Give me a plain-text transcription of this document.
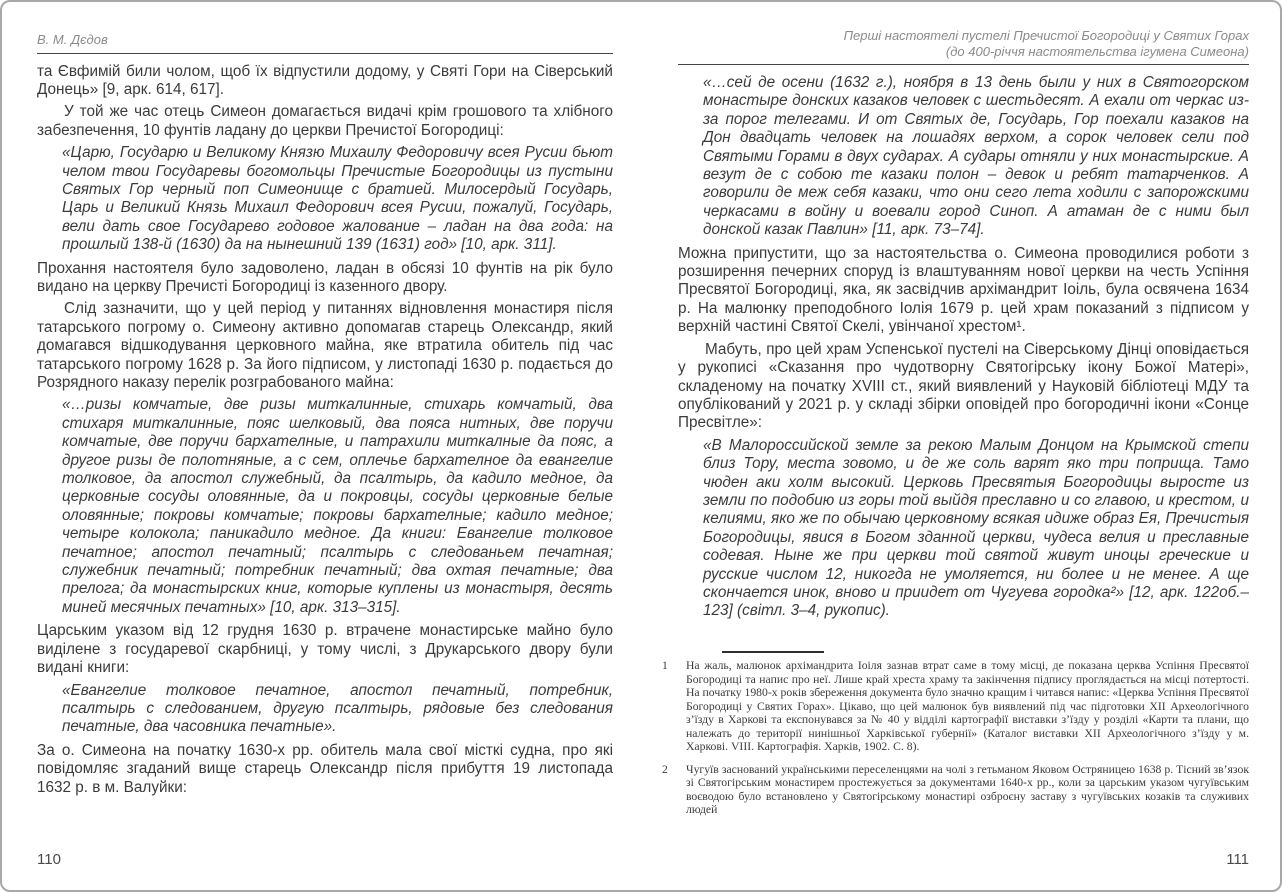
В. М. Дєдов

та Євфимій били чолом, щоб їх відпустили додому, у Святі Гори на Сіверський Донець» [9, арк. 614, 617].

У той же час отець Симеон домагається видачі крім грошового та хлібного забезпечення, 10 фунтів ладану до церкви Пречистої Богородиці:

«Царю, Государю и Великому Князю Михаилу Федоровичу всея Русии бьют челом твои Государевы богомольцы Пречистые Богородицы из пустыни Святых Гор черный поп Симеонище с братией. Милосердый Государь, Царь и Великий Князь Михаил Федорович всея Русии, пожалуй, Государь, вели дать свое Государево годовое жалование – ладан на два года: на прошлый 138-й (1630) да на нынешний 139 (1631) год» [10, арк. 311].

Прохання настоятеля було задоволено, ладан в обсязі 10 фунтів на рік було видано на церкву Пречисті Богородиці із казенного двору.

Слід зазначити, що у цей період у питаннях відновлення монастиря після татарського погрому о. Симеону активно допомагав старець Олександр, який домагався відшкодування церковного майна, яке втратила обитель під час татарського погрому 1628 р. За його підписом, у листопаді 1630 р. подається до Розрядного наказу перелік розграбованого майна:

«…ризы комчатые, две ризы миткалинные, стихарь комчатый, два стихаря миткалинные, пояс шелковый, два пояса нитных, две поручи комчатые, две поручи бархателные, и патрахили миткалные да пояс, а другое ризы де полотняные, а с сем, оплечье бархателное да евангелие толковое, да апостол служебный, да псалтырь, да кадило медное, да церковные сосуды оловянные, да и покровцы, сосуды церковные белые оловянные; покровы комчатые; покровы бархателные; кадило медное; четыре колокола; паникадило медное. Да книги: Евангелие толковое печатное; апостол печатный; псалтырь с следованьем печатная; служебник печатный; потребник печатный; два охтая печатные; два прелога; да монастырских книг, которые куплены из монастыря, десять миней месячных печатных» [10, арк. 313–315].

Царським указом від 12 грудня 1630 р. втрачене монастирське майно було виділене з государевої скарбниці, у тому числі, з Друкарського двору були видані книги:

«Евангелие толковое печатное, апостол печатный, потребник, псалтырь с следованием, другую псалтырь, рядовые без следования печатные, два часовника печатные».

За о. Симеона на початку 1630-х рр. обитель мала свої місткі судна, про які повідомляє згаданий вище старець Олександр після прибуття 19 листопада 1632 р. в м. Валуйки:

110
Перші настоятелі пустелі Пречистої Богородиці у Святих Горах
(до 400-річчя настоятельства ігумена Симеона)

«…сей де осени (1632 г.), ноября в 13 день были у них в Святогорском монастыре донских казаков человек с шестьдесят. А ехали от черкас из-за порог телегами. И от Святых де, Государь, Гор поехали казаков на Дон двадцать человек на лошадях верхом, а сорок человек сели под Святыми Горами в двух сударах. А судары отняли у них монастырские. А везут де с собою те казаки полон – девок и ребят татарченков. А говорили де меж себя казаки, что они сего лета ходили с запорожскими черкасами в войну и воевали город Синоп. А атаман де с ними был донской казак Павлин» [11, арк. 73–74].

Можна припустити, що за настоятельства о. Симеона проводилися роботи з розширення печерних споруд із влаштуванням нової церкви на честь Успіння Пресвятої Богородиці, яка, як засвідчив архімандрит Іоіль, була освячена 1634 р. На малюнку преподобного Іолія 1679 р. цей храм показаний з підписом у верхній частині Святої Скелі, увінчаної хрестом¹.

Мабуть, про цей храм Успенської пустелі на Сіверському Дінці оповідається у рукописі «Сказання про чудотворну Святогірську ікону Божої Матері», складеному на початку XVIII ст., який виявлений у Науковій бібліотеці МДУ та опублікований у 2021 р. у складі збірки оповідей про богородичні ікони «Сонце Пресвітле»:

«В Малороссийской земле за рекою Малым Донцом на Крымской степи близ Тору, места зовомо, и де же соль варят яко три поприща. Тамо чюден аки холм высокий. Церковь Пресвятыя Богородицы выросте из земли по подобию из горы той выйдя преславно и со главою, и крестом, и келиями, яко же по обычаю церковному всякая идиже образ Ея, Пречистыя Богородицы, явися в Богом зданной церкви, чудеса велия и преславные содевая. Ныне же при церкви той святой живут иноцы греческие и русские числом 12, никогда не умоляется, ни более и не менее. А ще скончается инок, вново и приидет от Чугуева городка²» [12, арк. 122об.–123] (світл. 3–4, рукопис).

1	На жаль, малюнок архімандрита Іоіля зазнав втрат саме в тому місці, де показана церква Успіння Пресвятої Богородиці та напис про неї. Лише край хреста храму та закінчення підпису проглядається на місці потертості. На початку 1980-х років збереження документа було значно кращим і читався напис: «Церква Успіння Пресвятої Богородиці у Святих Горах». Цікаво, що цей малюнок був виявлений під час підготовки XII Археологічного з’їзду в Харкові та експонувався за № 40 у відділі картографії виставки з’їзду у розділі «Карти та плани, що належать до території нинішньої Харківської губернії» (Каталог виставки XII Археологічного з’їзду у м. Харкові. VIII. Картографія. Харків, 1902. С. 8).
2	Чугуїв заснований українськими переселенцями на чолі з гетьманом Яковом Остряницею 1638 р. Тісний зв’язок зі Святогірським монастирем простежується за документами 1640-х рр., коли за царським указом чугуївським воєводою було встановлено у Святогірському монастирі озброєну заставу з чугуївських козаків та служивих людей
111
